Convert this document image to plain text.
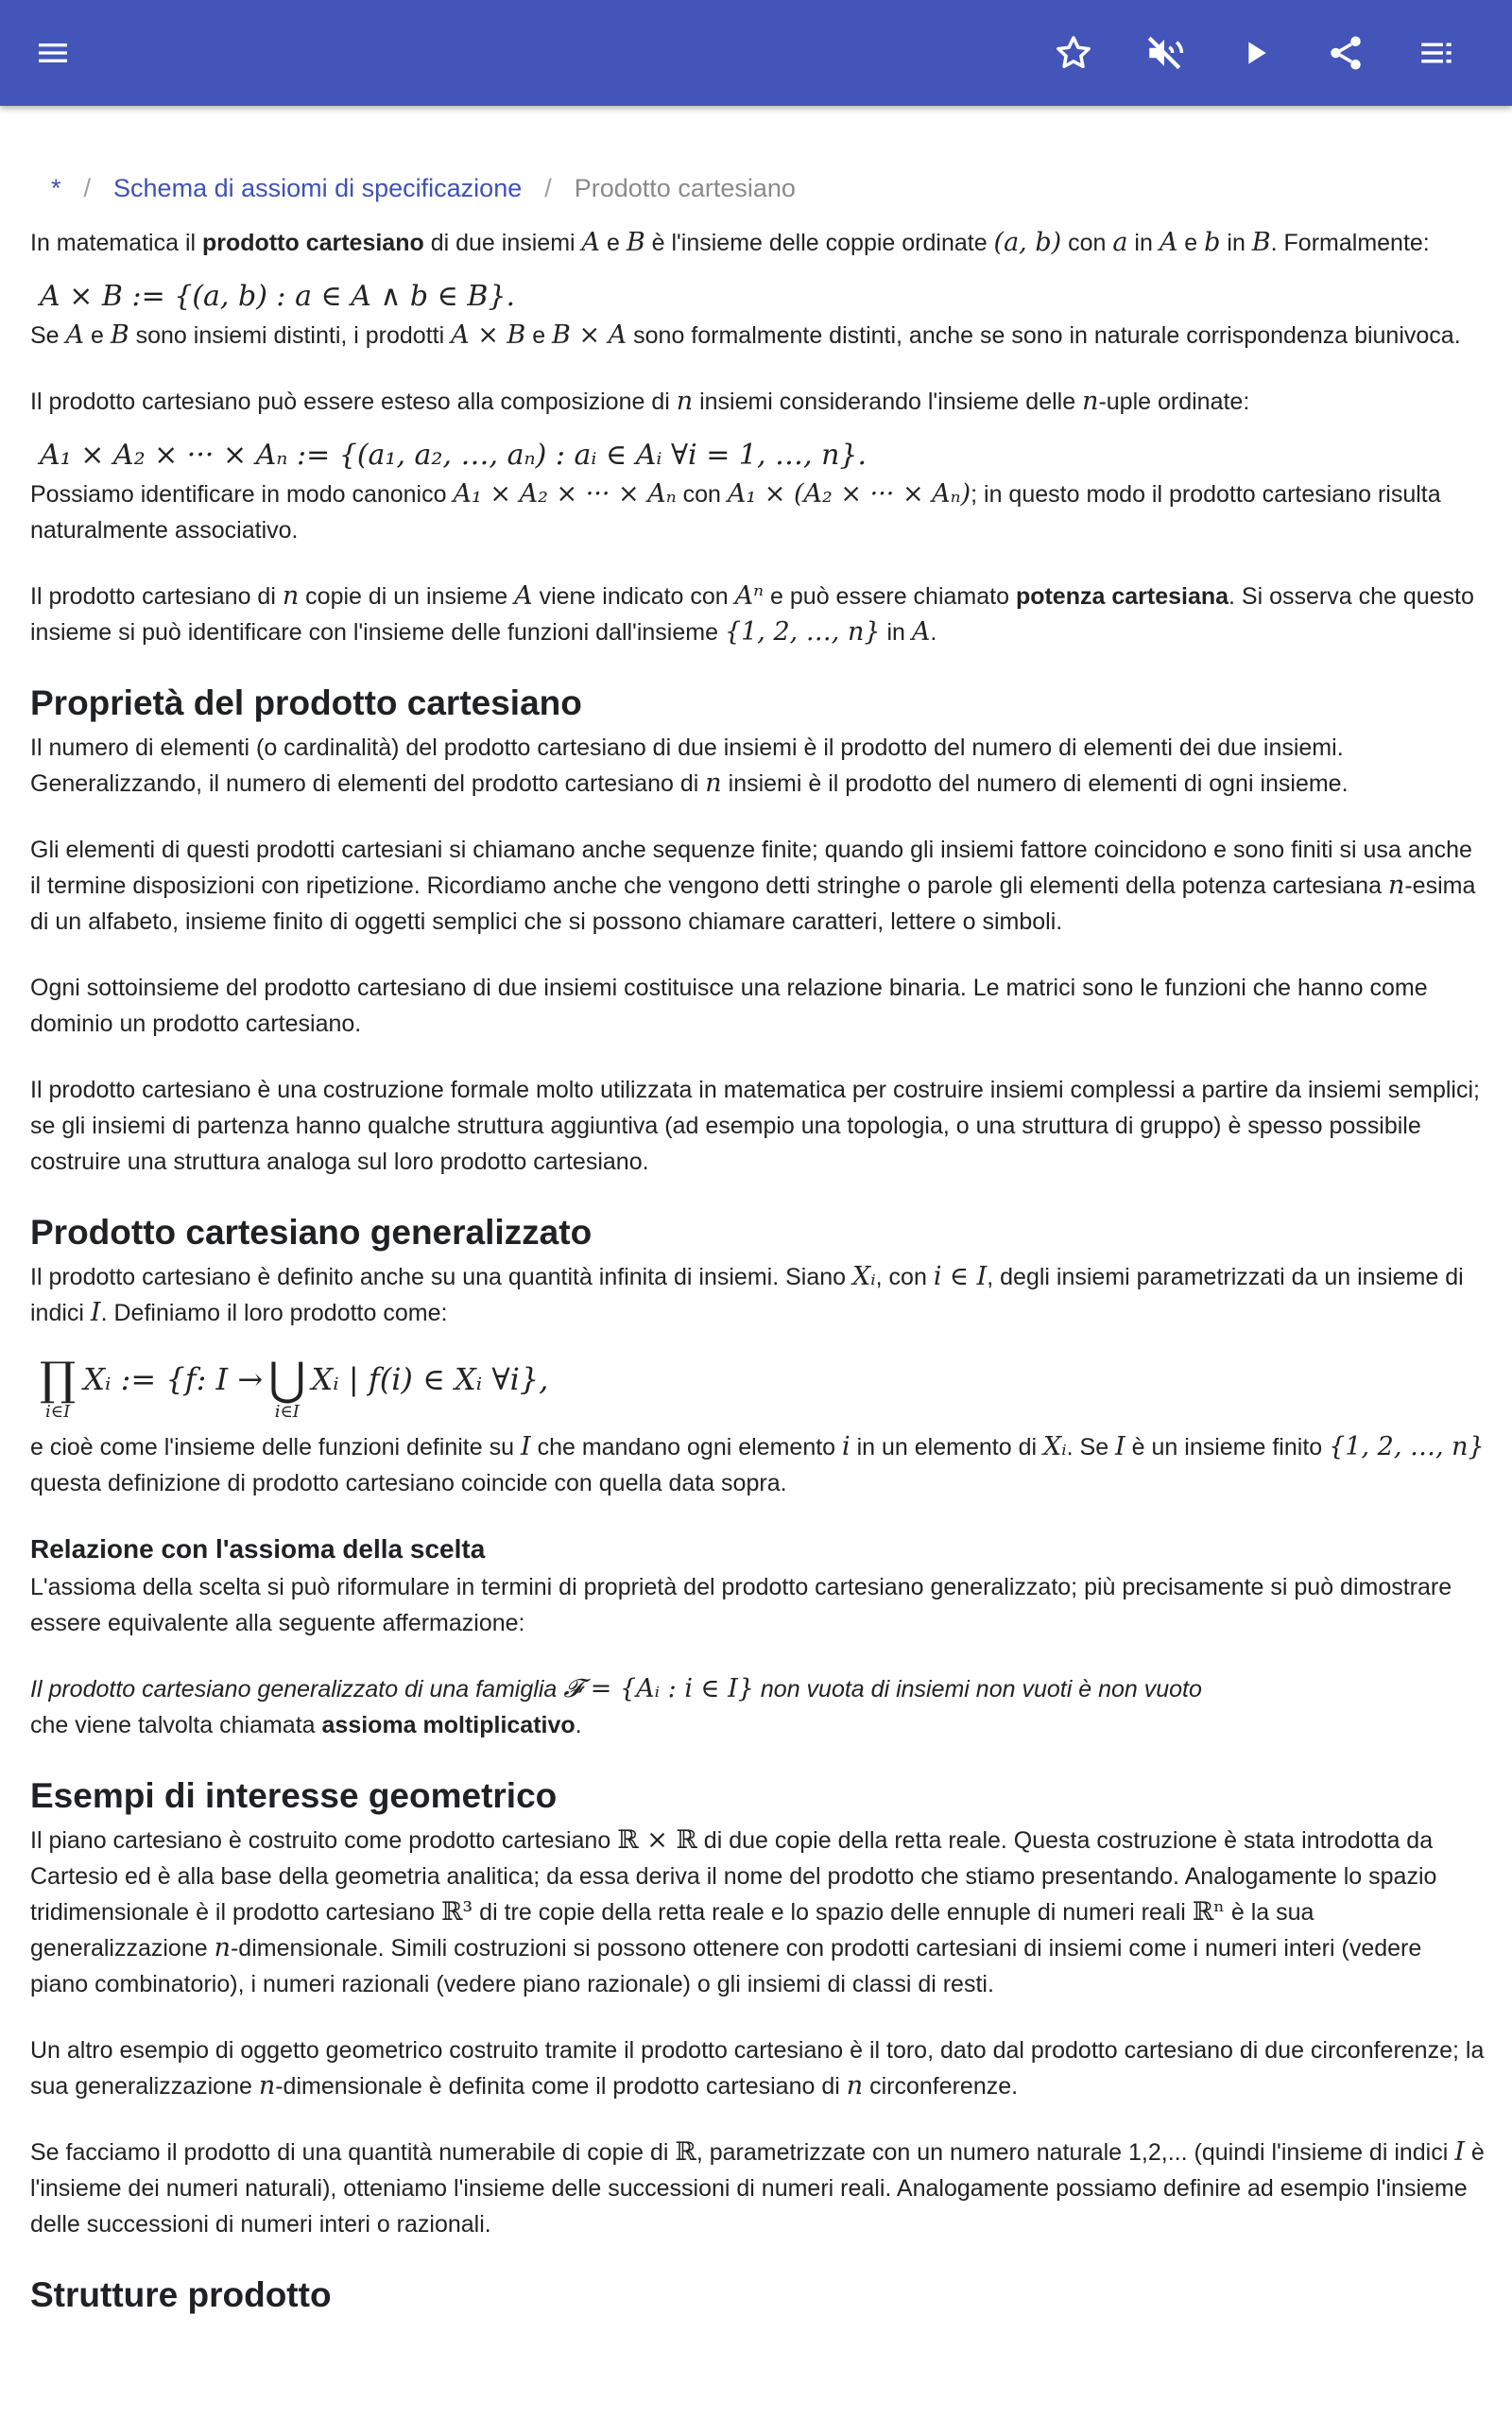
* / Schema di assiomi di specificazione / Prodotto cartesiano

In matematica il prodotto cartesiano di due insiemi A e B è l'insieme delle coppie ordinate (a, b) con a in A e b in B. Formalmente:

A × B := {(a, b) : a ∈ A ∧ b ∈ B}.

Se A e B sono insiemi distinti, i prodotti A × B e B × A sono formalmente distinti, anche se sono in naturale corrispondenza biunivoca.

Il prodotto cartesiano può essere esteso alla composizione di n insiemi considerando l'insieme delle n-uple ordinate:

A₁ × A₂ × ··· × Aₙ := {(a₁, a₂, …, aₙ) : aᵢ ∈ Aᵢ ∀i = 1, …, n}.

Possiamo identificare in modo canonico A₁ × A₂ × ··· × Aₙ con A₁ × (A₂ × ··· × Aₙ); in questo modo il prodotto cartesiano risulta naturalmente associativo.

Il prodotto cartesiano di n copie di un insieme A viene indicato con Aⁿ e può essere chiamato potenza cartesiana. Si osserva che questo insieme si può identificare con l'insieme delle funzioni dall'insieme {1, 2, …, n} in A.

Proprietà del prodotto cartesiano

Il numero di elementi (o cardinalità) del prodotto cartesiano di due insiemi è il prodotto del numero di elementi dei due insiemi. Generalizzando, il numero di elementi del prodotto cartesiano di n insiemi è il prodotto del numero di elementi di ogni insieme.

Gli elementi di questi prodotti cartesiani si chiamano anche sequenze finite; quando gli insiemi fattore coincidono e sono finiti si usa anche il termine disposizioni con ripetizione. Ricordiamo anche che vengono detti stringhe o parole gli elementi della potenza cartesiana n-esima di un alfabeto, insieme finito di oggetti semplici che si possono chiamare caratteri, lettere o simboli.

Ogni sottoinsieme del prodotto cartesiano di due insiemi costituisce una relazione binaria. Le matrici sono le funzioni che hanno come dominio un prodotto cartesiano.

Il prodotto cartesiano è una costruzione formale molto utilizzata in matematica per costruire insiemi complessi a partire da insiemi semplici; se gli insiemi di partenza hanno qualche struttura aggiuntiva (ad esempio una topologia, o una struttura di gruppo) è spesso possibile costruire una struttura analoga sul loro prodotto cartesiano.

Prodotto cartesiano generalizzato

Il prodotto cartesiano è definito anche su una quantità infinita di insiemi. Siano Xᵢ, con i ∈ I, degli insiemi parametrizzati da un insieme di indici I. Definiamo il loro prodotto come:

∏
i∈I
Xᵢ := {f: I → ⋃
i∈I
Xᵢ | f(i) ∈ Xᵢ ∀i},

e cioè come l'insieme delle funzioni definite su I che mandano ogni elemento i in un elemento di Xᵢ. Se I è un insieme finito {1, 2, …, n} questa definizione di prodotto cartesiano coincide con quella data sopra.

Relazione con l'assioma della scelta

L'assioma della scelta si può riformulare in termini di proprietà del prodotto cartesiano generalizzato; più precisamente si può dimostrare essere equivalente alla seguente affermazione:

Il prodotto cartesiano generalizzato di una famiglia 𝓕 = {Aᵢ : i ∈ I} non vuota di insiemi non vuoti è non vuoto

che viene talvolta chiamata assioma moltiplicativo.

Esempi di interesse geometrico

Il piano cartesiano è costruito come prodotto cartesiano ℝ × ℝ di due copie della retta reale. Questa costruzione è stata introdotta da Cartesio ed è alla base della geometria analitica; da essa deriva il nome del prodotto che stiamo presentando. Analogamente lo spazio tridimensionale è il prodotto cartesiano ℝ³ di tre copie della retta reale e lo spazio delle ennuple di numeri reali ℝⁿ è la sua generalizzazione n-dimensionale. Simili costruzioni si possono ottenere con prodotti cartesiani di insiemi come i numeri interi (vedere piano combinatorio), i numeri razionali (vedere piano razionale) o gli insiemi di classi di resti.

Un altro esempio di oggetto geometrico costruito tramite il prodotto cartesiano è il toro, dato dal prodotto cartesiano di due circonferenze; la sua generalizzazione n-dimensionale è definita come il prodotto cartesiano di n circonferenze.

Se facciamo il prodotto di una quantità numerabile di copie di ℝ, parametrizzate con un numero naturale 1,2,... (quindi l'insieme di indici I è l'insieme dei numeri naturali), otteniamo l'insieme delle successioni di numeri reali. Analogamente possiamo definire ad esempio l'insieme delle successioni di numeri interi o razionali.

Strutture prodotto
